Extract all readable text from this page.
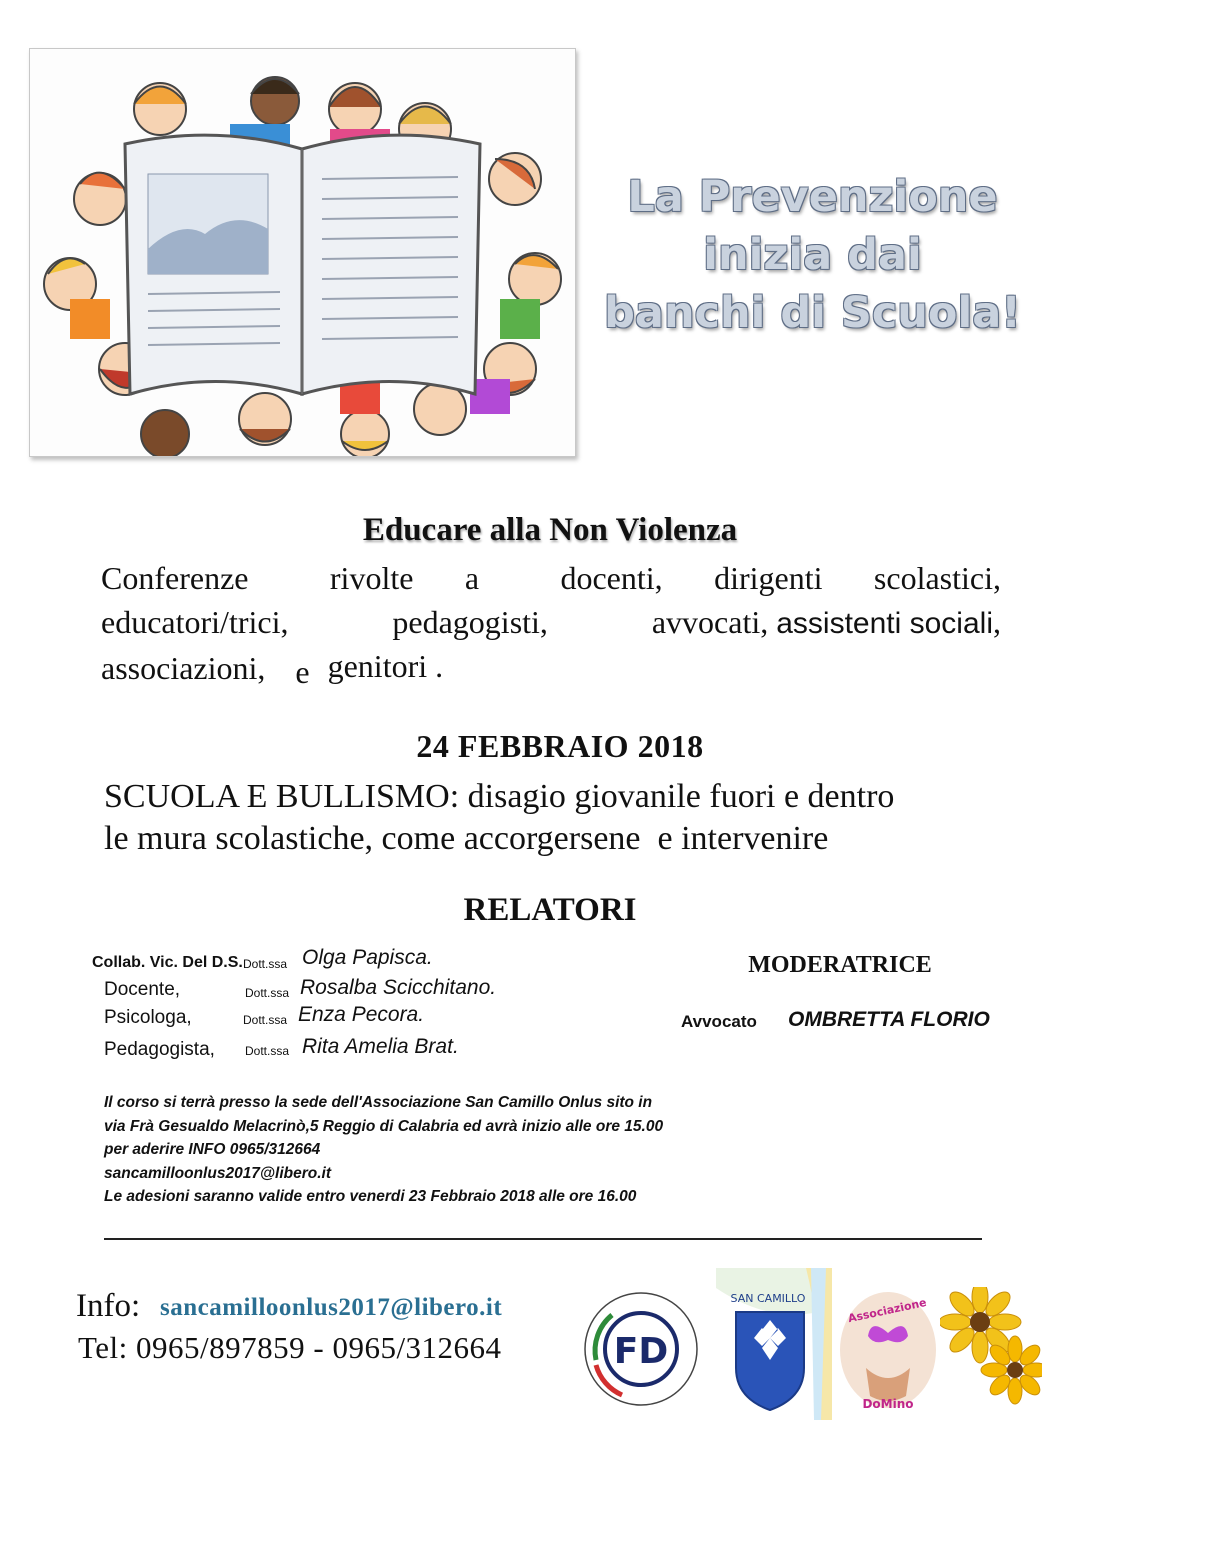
La Prevenzione
inizia dai
banchi di Scuola!
Educare alla Non Violenza
Conferenze	rivolte a	docenti, dirigenti scolastici,
educatori/trici,	pedagogisti,	avvocati, assistenti sociali,
associazioni, e genitori .
24 FEBBRAIO 2018
SCUOLA E BULLISMO: disagio giovanile fuori e dentro
le mura scolastiche, come accorgersene  e intervenire
RELATORI
Collab. Vic. Del D.S. Dott.ssa Olga Papisca.
Docente,	Dott.ssa Rosalba Scicchitano.
Psicologa,	Dott.ssa Enza Pecora.
Pedagogista,	Dott.ssa Rita Amelia Brat.
MODERATRICE
Avvocato OMBRETTA FLORIO
Il corso si terrà presso la sede dell'Associazione San Camillo Onlus sito in
via Frà Gesualdo Melacrinò,5 Reggio di Calabria ed avrà inizio alle ore 15.00
per aderire INFO 0965/312664
sancamilloonlus2017@libero.it
Le adesioni saranno valide entro venerdi 23 Febbraio 2018 alle ore 16.00
Info: sancamilloonlus2017@libero.it
Tel: 0965/897859 - 0965/312664	FD
SAN CAMILLO	Associazione
DoMino
